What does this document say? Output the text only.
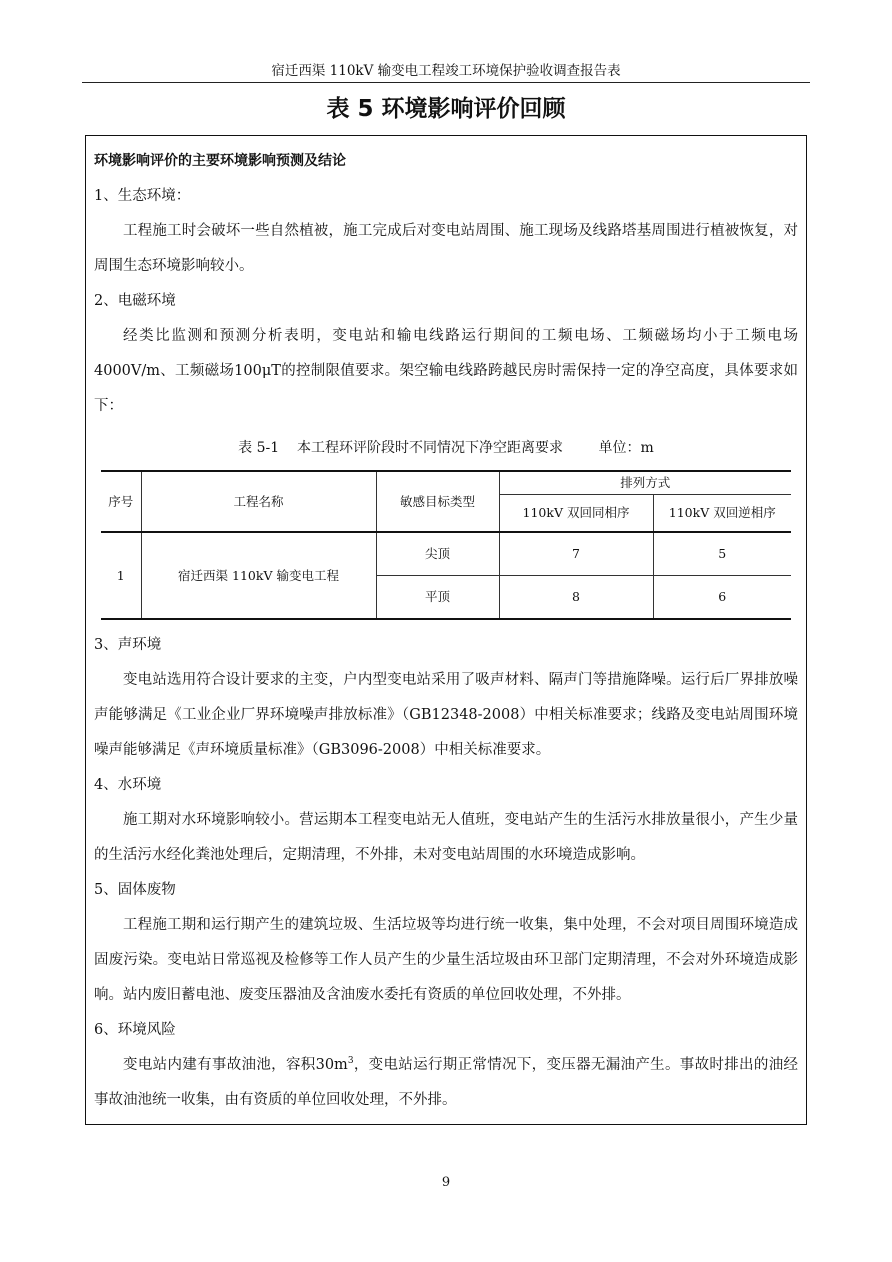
宿迁西渠 110kV 输变电工程竣工环境保护验收调查报告表
表 5 环境影响评价回顾

环境影响评价的主要环境影响预测及结论

1、生态环境：

工程施工时会破坏一些自然植被，施工完成后对变电站周围、施工现场及线路塔基周围进行植被恢复，对周围生态环境影响较小。

2、电磁环境

经类比监测和预测分析表明，变电站和输电线路运行期间的工频电场、工频磁场均小于工频电场4000V/m、工频磁场100μT的控制限值要求。架空输电线路跨越民房时需保持一定的净空高度，具体要求如下：

表 5-1    本工程环评阶段时不同情况下净空距离要求        单位：m

序号	工程名称	敏感目标类型	排列方式	
			110kV 双回同相序	110kV 双回逆相序
1	宿迁西渠 110kV 输变电工程	尖顶	7	5
		平顶	8	6

3、声环境

变电站选用符合设计要求的主变，户内型变电站采用了吸声材料、隔声门等措施降噪。运行后厂界排放噪声能够满足《工业企业厂界环境噪声排放标准》（GB12348-2008）中相关标准要求；线路及变电站周围环境噪声能够满足《声环境质量标准》（GB3096-2008）中相关标准要求。

4、水环境

施工期对水环境影响较小。营运期本工程变电站无人值班，变电站产生的生活污水排放量很小，产生少量的生活污水经化粪池处理后，定期清理，不外排，未对变电站周围的水环境造成影响。

5、固体废物

工程施工期和运行期产生的建筑垃圾、生活垃圾等均进行统一收集，集中处理，不会对项目周围环境造成固废污染。变电站日常巡视及检修等工作人员产生的少量生活垃圾由环卫部门定期清理，不会对外环境造成影响。站内废旧蓄电池、废变压器油及含油废水委托有资质的单位回收处理，不外排。

6、环境风险

变电站内建有事故油池，容积$30m^3$，变电站运行期正常情况下，变压器无漏油产生。事故时排出的油经事故油池统一收集，由有资质的单位回收处理，不外排。

9
